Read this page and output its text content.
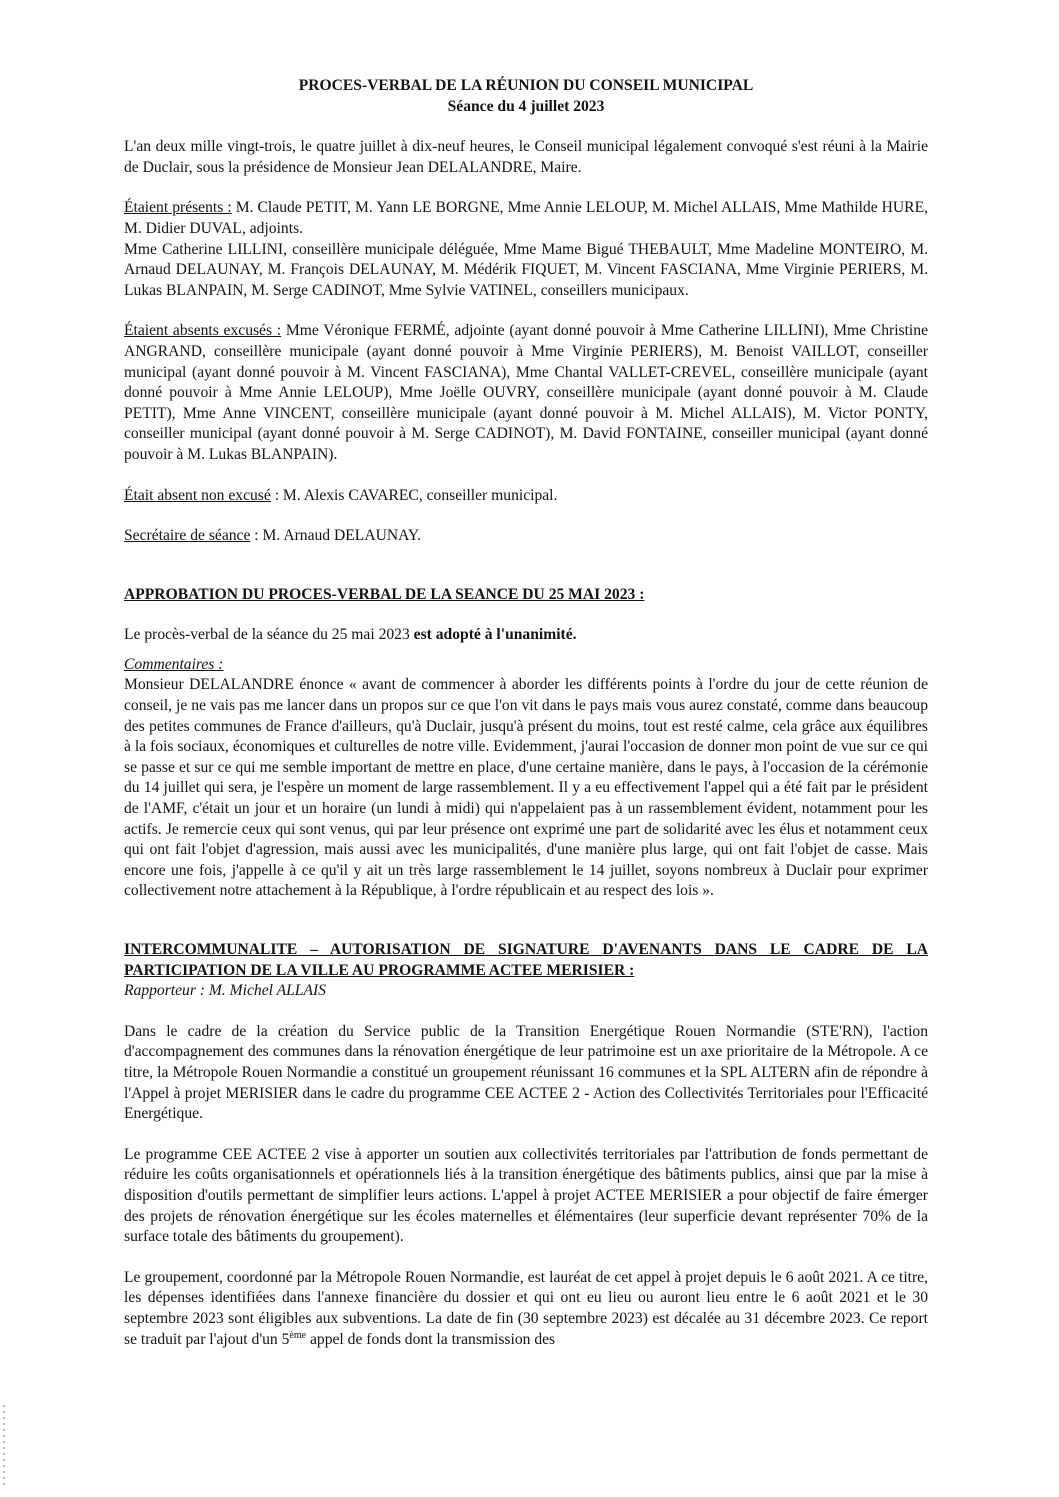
PROCES-VERBAL DE LA RÉUNION DU CONSEIL MUNICIPAL

Séance du 4 juillet 2023

L'an deux mille vingt-trois, le quatre juillet à dix-neuf heures, le Conseil municipal légalement convoqué s'est réuni à la Mairie de Duclair, sous la présidence de Monsieur Jean DELALANDRE, Maire.

Étaient présents : M. Claude PETIT, M. Yann LE BORGNE, Mme Annie LELOUP, M. Michel ALLAIS, Mme Mathilde HURE, M. Didier DUVAL, adjoints.

Mme Catherine LILLINI, conseillère municipale déléguée, Mme Mame Bigué THEBAULT, Mme Madeline MONTEIRO, M. Arnaud DELAUNAY, M. François DELAUNAY, M. Médérik FIQUET, M. Vincent FASCIANA, Mme Virginie PERIERS, M. Lukas BLANPAIN, M. Serge CADINOT, Mme Sylvie VATINEL, conseillers municipaux.

Étaient absents excusés : Mme Véronique FERMÉ, adjointe (ayant donné pouvoir à Mme Catherine LILLINI), Mme Christine ANGRAND, conseillère municipale (ayant donné pouvoir à Mme Virginie PERIERS), M. Benoist VAILLOT, conseiller municipal (ayant donné pouvoir à M. Vincent FASCIANA), Mme Chantal VALLET-CREVEL, conseillère municipale (ayant donné pouvoir à Mme Annie LELOUP), Mme Joëlle OUVRY, conseillère municipale (ayant donné pouvoir à M. Claude PETIT), Mme Anne VINCENT, conseillère municipale (ayant donné pouvoir à M. Michel ALLAIS), M. Victor PONTY, conseiller municipal (ayant donné pouvoir à M. Serge CADINOT), M. David FONTAINE, conseiller municipal (ayant donné pouvoir à M. Lukas BLANPAIN).

Était absent non excusé : M. Alexis CAVAREC, conseiller municipal.

Secrétaire de séance : M. Arnaud DELAUNAY.

APPROBATION DU PROCES-VERBAL DE LA SEANCE DU 25 MAI 2023 :

Le procès-verbal de la séance du 25 mai 2023 est adopté à l'unanimité.

Commentaires :

Monsieur DELALANDRE énonce « avant de commencer à aborder les différents points à l'ordre du jour de cette réunion de conseil, je ne vais pas me lancer dans un propos sur ce que l'on vit dans le pays mais vous aurez constaté, comme dans beaucoup des petites communes de France d'ailleurs, qu'à Duclair, jusqu'à présent du moins, tout est resté calme, cela grâce aux équilibres à la fois sociaux, économiques et culturelles de notre ville. Evidemment, j'aurai l'occasion de donner mon point de vue sur ce qui se passe et sur ce qui me semble important de mettre en place, d'une certaine manière, dans le pays, à l'occasion de la cérémonie du 14 juillet qui sera, je l'espère un moment de large rassemblement. Il y a eu effectivement l'appel qui a été fait par le président de l'AMF, c'était un jour et un horaire (un lundi à midi) qui n'appelaient pas à un rassemblement évident, notamment pour les actifs. Je remercie ceux qui sont venus, qui par leur présence ont exprimé une part de solidarité avec les élus et notamment ceux qui ont fait l'objet d'agression, mais aussi avec les municipalités, d'une manière plus large, qui ont fait l'objet de casse. Mais encore une fois, j'appelle à ce qu'il y ait un très large rassemblement le 14 juillet, soyons nombreux à Duclair pour exprimer collectivement notre attachement à la République, à l'ordre républicain et au respect des lois ».

INTERCOMMUNALITE – AUTORISATION DE SIGNATURE D'AVENANTS DANS LE CADRE DE LA PARTICIPATION DE LA VILLE AU PROGRAMME ACTEE MERISIER :

Rapporteur : M. Michel ALLAIS

Dans le cadre de la création du Service public de la Transition Energétique Rouen Normandie (STE'RN), l'action d'accompagnement des communes dans la rénovation énergétique de leur patrimoine est un axe prioritaire de la Métropole. A ce titre, la Métropole Rouen Normandie a constitué un groupement réunissant 16 communes et la SPL ALTERN afin de répondre à l'Appel à projet MERISIER dans le cadre du programme CEE ACTEE 2 - Action des Collectivités Territoriales pour l'Efficacité Energétique.

Le programme CEE ACTEE 2 vise à apporter un soutien aux collectivités territoriales par l'attribution de fonds permettant de réduire les coûts organisationnels et opérationnels liés à la transition énergétique des bâtiments publics, ainsi que par la mise à disposition d'outils permettant de simplifier leurs actions. L'appel à projet ACTEE MERISIER a pour objectif de faire émerger des projets de rénovation énergétique sur les écoles maternelles et élémentaires (leur superficie devant représenter 70% de la surface totale des bâtiments du groupement).

Le groupement, coordonné par la Métropole Rouen Normandie, est lauréat de cet appel à projet depuis le 6 août 2021. A ce titre, les dépenses identifiées dans l'annexe financière du dossier et qui ont eu lieu ou auront lieu entre le 6 août 2021 et le 30 septembre 2023 sont éligibles aux subventions. La date de fin (30 septembre 2023) est décalée au 31 décembre 2023. Ce report se traduit par l'ajout d'un 5ème appel de fonds dont la transmission des
